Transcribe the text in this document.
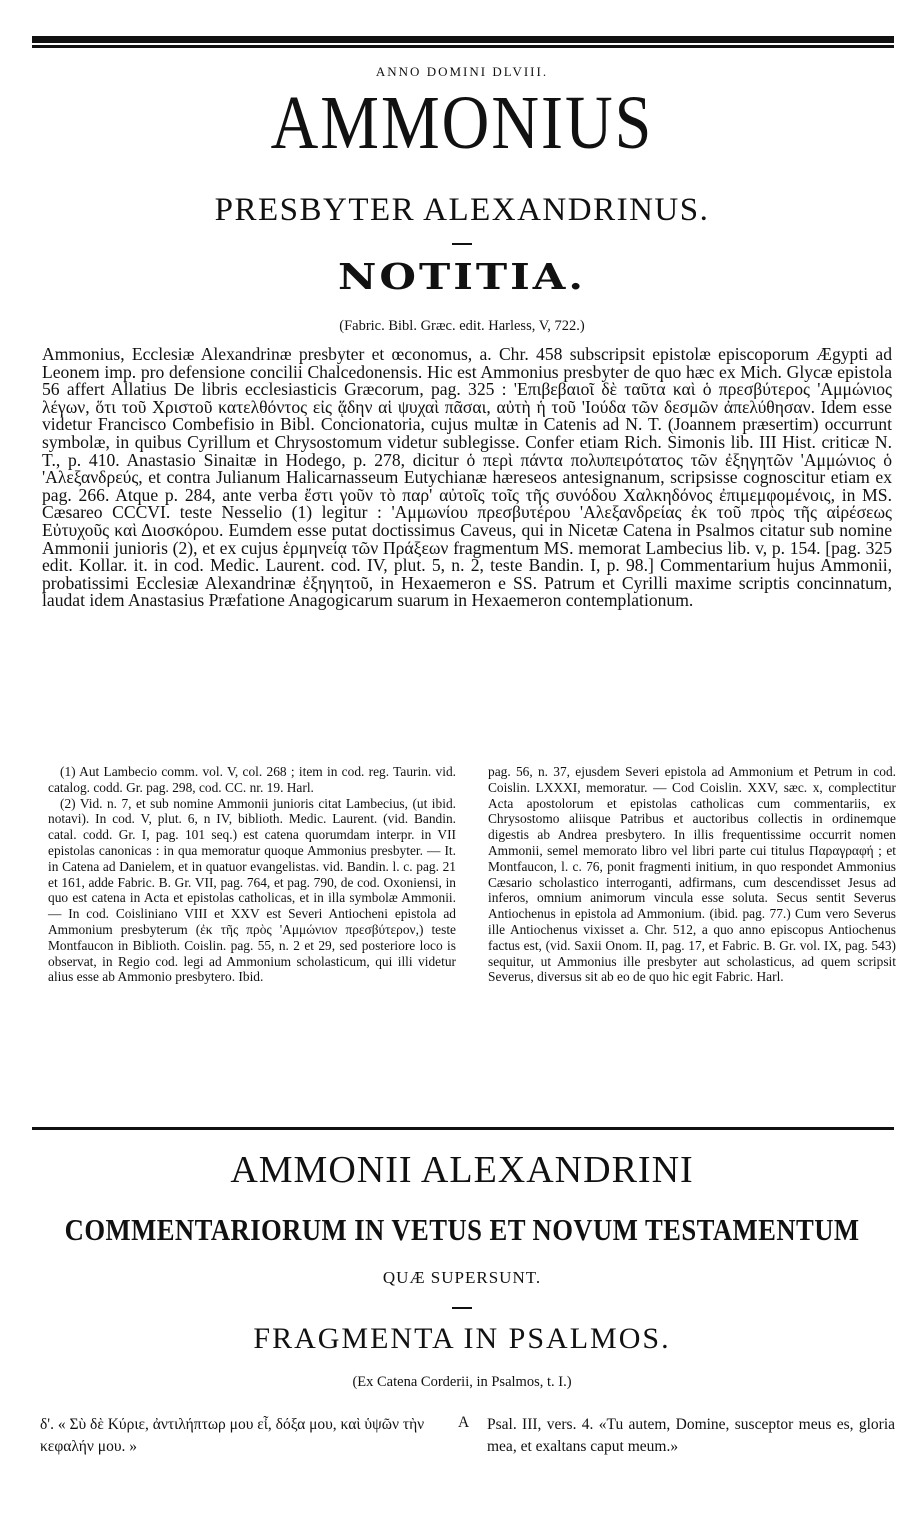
ANNO DOMINI DLVIII.
AMMONIUS
PRESBYTER ALEXANDRINUS.
NOTITIA.
(Fabric. Bibl. Græc. edit. Harless, V, 722.)
Ammonius, Ecclesiæ Alexandrinæ presbyter et œconomus, a. Chr. 458 subscripsit epistolæ episcoporum Ægypti ad Leonem imp. pro defensione concilii Chalcedonensis. Hic est Ammonius presbyter de quo hæc ex Mich. Glycæ epistola 56 affert Allatius De libris ecclesiasticis Græcorum, pag. 325 : 'Επιβεβαιοῖ δὲ ταῦτα καὶ ὁ πρεσβύτερος 'Αμμώνιος λέγων, ὅτι τοῦ Χριστοῦ κατελθόντος εἰς ᾅδην αἱ ψυχαὶ πᾶσαι, αὐτὴ ἡ τοῦ 'Ιούδα τῶν δεσμῶν ἀπελύθησαν. Idem esse videtur Francisco Combefisio in Bibl. Concionatoria, cujus multæ in Catenis ad N. T. (Joannem præsertim) occurrunt symbolæ, in quibus Cyrillum et Chrysostomum videtur sublegisse. Confer etiam Rich. Simonis lib. III Hist. criticæ N. T., p. 410. Anastasio Sinaitæ in Hodego, p. 278, dicitur ὁ περὶ πάντα πολυπειρότατος τῶν ἐξηγητῶν 'Αμμώνιος ὁ 'Αλεξανδρεύς, et contra Julianum Halicarnasseum Eutychianæ hæreseos antesignanum, scripsisse cognoscitur etiam ex pag. 266. Atque p. 284, ante verba ἔστι γοῦν τὸ παρ' αὐτοῖς τοῖς τῆς συνόδου Χαλκηδόνος ἐπιμεμφομένοις, in MS. Cæsareo CCCVI. teste Nesselio (1) legitur : 'Αμμωνίου πρεσβυτέρου 'Αλεξανδρείας ἐκ τοῦ πρὸς τῆς αἱρέσεως Εὐτυχοῦς καὶ Διοσκόρου. Eumdem esse putat doctissimus Caveus, qui in Nicetæ Catena in Psalmos citatur sub nomine Ammonii junioris (2), et ex cujus ἑρμηνείᾳ τῶν Πράξεων fragmentum MS. memorat Lambecius lib. v, p. 154. [pag. 325 edit. Kollar. it. in cod. Medic. Laurent. cod. IV, plut. 5, n. 2, teste Bandin. I, p. 98.] Commentarium hujus Ammonii, probatissimi Ecclesiæ Alexandrinæ ἐξηγητοῦ, in Hexaemeron e SS. Patrum et Cyrilli maxime scriptis concinnatum, laudat idem Anastasius Præfatione Anagogicarum suarum in Hexaemeron contemplationum.

(1) Aut Lambecio comm. vol. V, col. 268 ; item in cod. reg. Taurin. vid. catalog. codd. Gr. pag. 298, cod. CC. nr. 19. Harl.

(2) Vid. n. 7, et sub nomine Ammonii junioris citat Lambecius, (ut ibid. notavi). In cod. V, plut. 6, n IV, biblioth. Medic. Laurent. (vid. Bandin. catal. codd. Gr. I, pag. 101 seq.) est catena quorumdam interpr. in VII epistolas canonicas : in qua memoratur quoque Ammonius presbyter. — It. in Catena ad Danielem, et in quatuor evangelistas. vid. Bandin. l. c. pag. 21 et 161, adde Fabric. B. Gr. VII, pag. 764, et pag. 790, de cod. Oxoniensi, in quo est catena in Acta et epistolas catholicas, et in illa symbolæ Ammonii. — In cod. Coisliniano VIII et XXV est Severi Antiocheni epistola ad Ammonium presbyterum (ἐκ τῆς πρὸς 'Αμμώνιον πρεσβύτερον,) teste Montfaucon in Biblioth. Coislin. pag. 55, n. 2 et 29, sed posteriore loco is observat, in Regio cod. legi ad Ammonium scholasticum, qui illi videtur alius esse ab Ammonio presbytero. Ibid.

pag. 56, n. 37, ejusdem Severi epistola ad Ammonium et Petrum in cod. Coislin. LXXXI, memoratur. — Cod Coislin. XXV, sæc. x, complectitur Acta apostolorum et epistolas catholicas cum commentariis, ex Chrysostomo aliisque Patribus et auctoribus collectis in ordinemque digestis ab Andrea presbytero. In illis frequentissime occurrit nomen Ammonii, semel memorato libro vel libri parte cui titulus Παραγραφή ; et Montfaucon, l. c. 76, ponit fragmenti initium, in quo respondet Ammonius Cæsario scholastico interroganti, adfirmans, cum descendisset Jesus ad inferos, omnium animorum vincula esse soluta. Secus sentit Severus Antiochenus in epistola ad Ammonium. (ibid. pag. 77.) Cum vero Severus ille Antiochenus vixisset a. Chr. 512, a quo anno episcopus Antiochenus factus est, (vid. Saxii Onom. II, pag. 17, et Fabric. B. Gr. vol. IX, pag. 543) sequitur, ut Ammonius ille presbyter aut scholasticus, ad quem scripsit Severus, diversus sit ab eo de quo hic egit Fabric. Harl.

AMMONII ALEXANDRINI
COMMENTARIORUM IN VETUS ET NOVUM TESTAMENTUM
QUÆ SUPERSUNT.
FRAGMENTA IN PSALMOS.
(Ex Catena Corderii, in Psalmos, t. I.)
δ'. « Σὺ δὲ Κύριε, ἀντιλήπτωρ μου εἶ, δόξα μου, καὶ ὑψῶν τὴν κεφαλήν μου. »
A Psal. III, vers. 4. «Tu autem, Domine, susceptor meus es, gloria mea, et exaltans caput meum.»
